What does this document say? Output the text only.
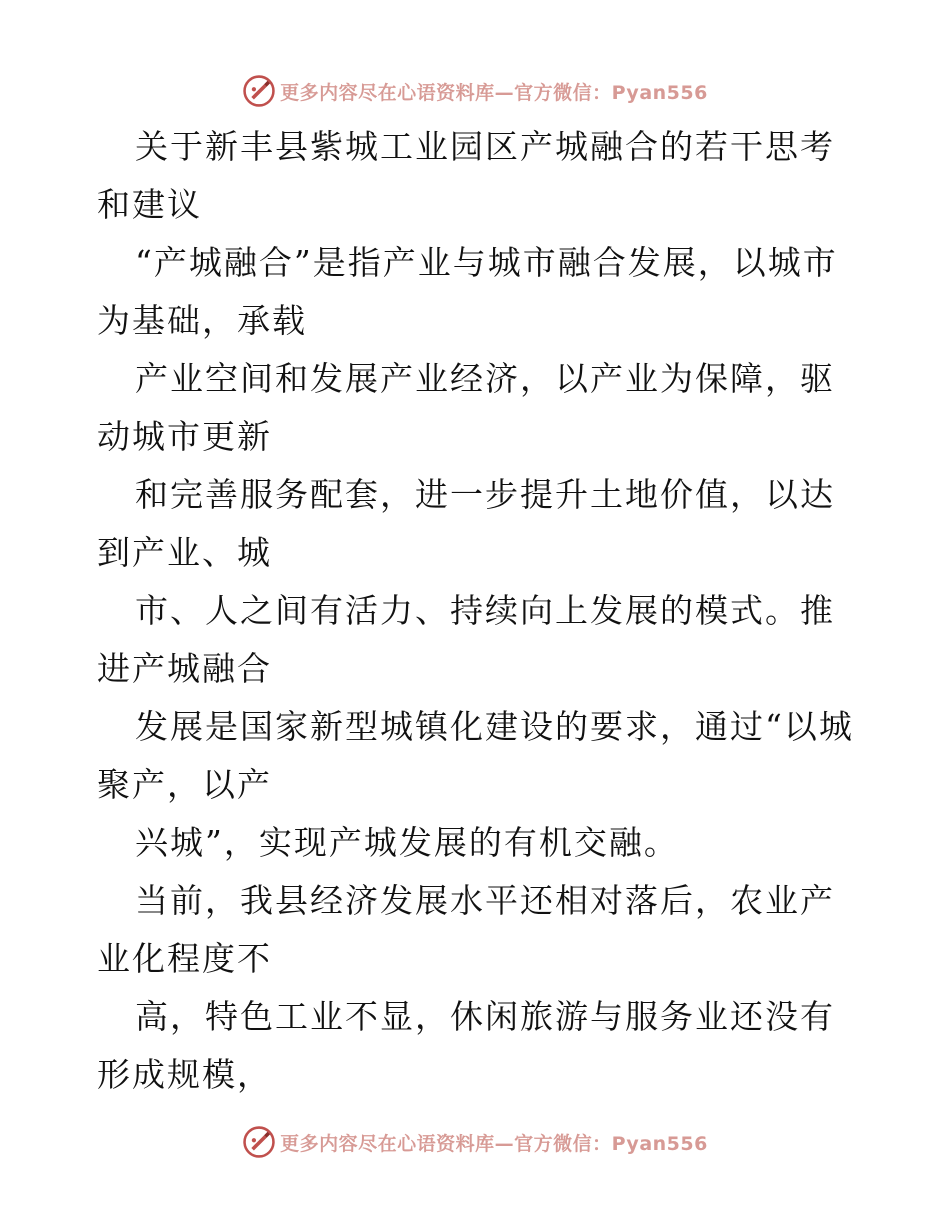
更多内容尽在心语资料库—官方微信：Pyan556

关于新丰县紫城工业园区产城融合的若干思考和建议

“产城融合”是指产业与城市融合发展，以城市为基础，承载

产业空间和发展产业经济，以产业为保障，驱动城市更新

和完善服务配套，进一步提升土地价值，以达到产业、城

市、人之间有活力、持续向上发展的模式。推进产城融合

发展是国家新型城镇化建设的要求，通过“以城聚产，以产

兴城”，实现产城发展的有机交融。

当前，我县经济发展水平还相对落后，农业产业化程度不

高，特色工业不显，休闲旅游与服务业还没有形成规模，

更多内容尽在心语资料库—官方微信：Pyan556
